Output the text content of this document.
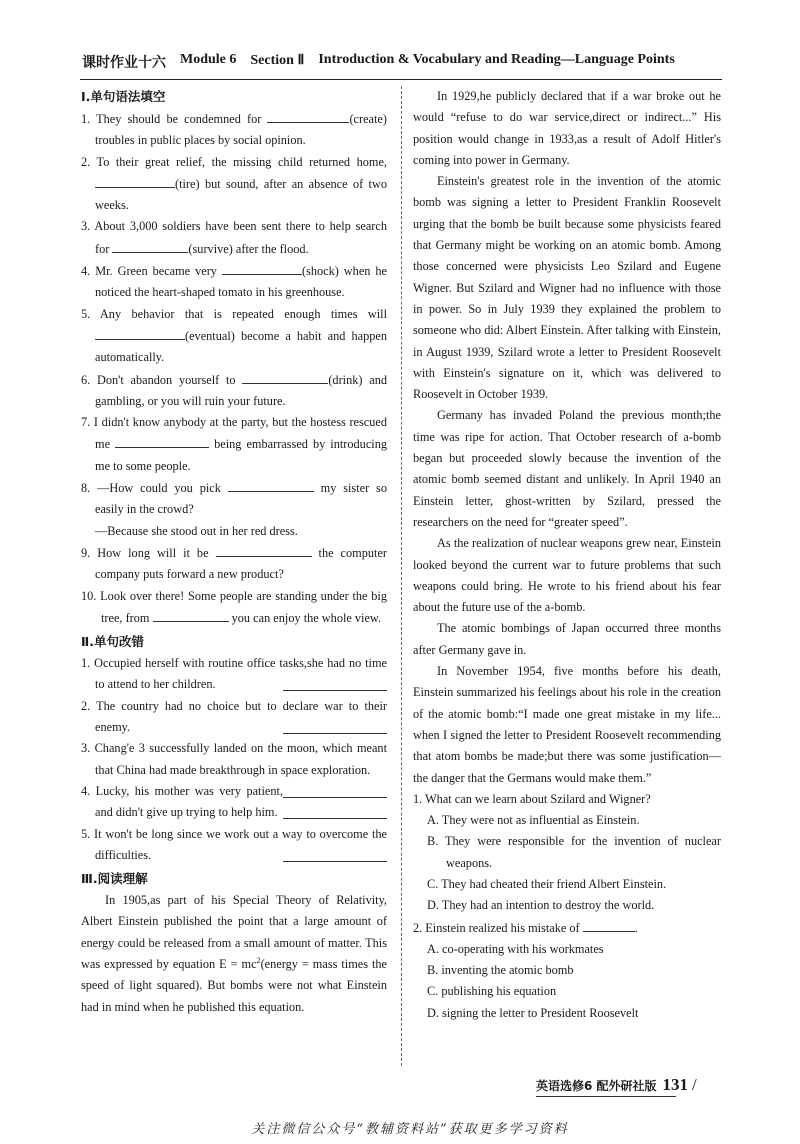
课时作业十六 Module 6 Section Ⅱ Introduction & Vocabulary and Reading—Language Points
Ⅰ.单句语法填空
1. They should be condemned for	(create) troubles in public places by social opinion.
2. To their great relief, the missing child returned home, (tire) but sound, after an absence of two weeks.
3. About 3,000 soldiers have been sent there to help search for	(survive) after the flood.
4. Mr. Green became very	(shock) when he noticed the heart-shaped tomato in his greenhouse.
5. Any behavior that is repeated enough times will (eventual) become a habit and happen automatically.
6. Don't abandon yourself to	(drink) and gambling, or you will ruin your future.
7. I didn't know anybody at the party, but the hostess rescued me	being embarrassed by introducing me to some people.
8. —How could you pick	my sister so easily in the crowd?
—Because she stood out in her red dress.
9. How long will it be	the computer company puts forward a new product?
10. Look over there! Some people are standing under the big tree, from	you can enjoy the whole view.
Ⅱ.单句改错
1. Occupied herself with routine office tasks,she had no time to attend to her children.
2. The country had no choice but to declare war to their enemy.
3. Chang'e 3 successfully landed on the moon, which meant that China had made breakthrough in space exploration.
4. Lucky, his mother was very patient, and didn't give up trying to help him.
5. It won't be long since we work out a way to overcome the difficulties.
Ⅲ.阅读理解
In 1905,as part of his Special Theory of Relativity, Albert Einstein published the point that a large amount of energy could be released from a small amount of matter. This was expressed by equation $E = mc^2(energy$ = mass times the speed of light squared). But bombs were not what Einstein had in mind when he published this equation.
In 1929,he publicly declared that if a war broke out he would “refuse to do war service,direct or indirect...” His position would change in 1933,as a result of Adolf Hitler's coming into power in Germany.
Einstein's greatest role in the invention of the atomic bomb was signing a letter to President Franklin Roosevelt urging that the bomb be built because some physicists feared that Germany might be working on an atomic bomb. Among those concerned were physicists Leo Szilard and Eugene Wigner. But Szilard and Wigner had no influence with those in power. So in July 1939 they explained the problem to someone who did: Albert Einstein. After talking with Einstein, in August 1939, Szilard wrote a letter to President Roosevelt with Einstein's signature on it, which was delivered to Roosevelt in October 1939.
Germany has invaded Poland the previous month;the time was ripe for action. That October research of a-bomb began but proceeded slowly because the invention of the atomic bomb seemed distant and unlikely. In April 1940 an Einstein letter, ghost-written by Szilard, pressed the researchers on the need for “greater speed”.
As the realization of nuclear weapons grew near, Einstein looked beyond the current war to future problems that such weapons could bring. He wrote to his friend about his fear about the future use of the a-bomb.
The atomic bombings of Japan occurred three months after Germany gave in.
In November 1954, five months before his death, Einstein summarized his feelings about his role in the creation of the atomic bomb:“I made one great mistake in my life... when I signed the letter to President Roosevelt recommending that atom bombs be made;but there was some justification—the danger that the Germans would make them.”
1. What can we learn about Szilard and Wigner?
A. They were not as influential as Einstein.
B. They were responsible for the invention of nuclear weapons.
C. They had cheated their friend Albert Einstein.
D. They had an intention to destroy the world.
2. Einstein realized his mistake of	.
A. co-operating with his workmates
B. inventing the atomic bomb
C. publishing his equation
D. signing the letter to President Roosevelt
英语选修6 配外研社版 131 /
关注微信公众号“教辅资料站”获取更多学习资料
